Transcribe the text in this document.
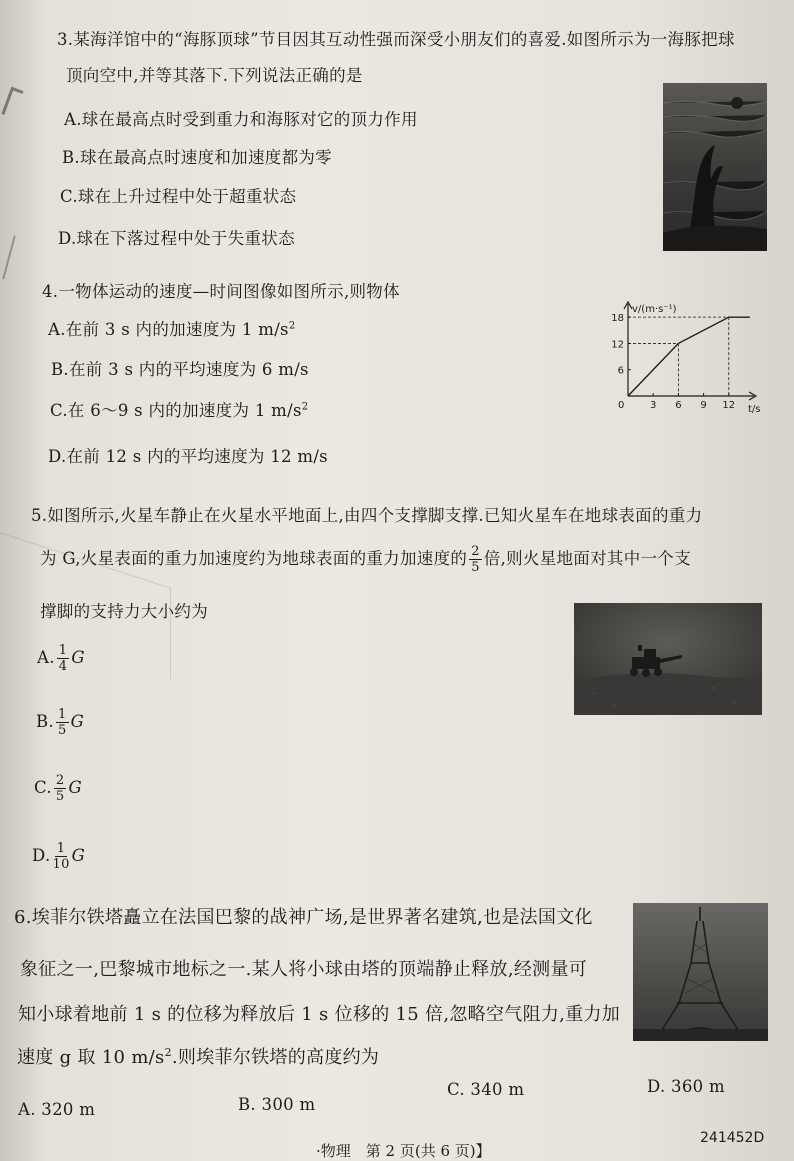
3.某海洋馆中的“海豚顶球”节目因其互动性强而深受小朋友们的喜爱.如图所示为一海豚把球
顶向空中,并等其落下.下列说法正确的是
A.球在最高点时受到重力和海豚对它的顶力作用
B.球在最高点时速度和加速度都为零
C.球在上升过程中处于超重状态
D.球在下落过程中处于失重状态
4.一物体运动的速度—时间图像如图所示,则物体
A.在前 3 s 内的加速度为 1 $m/s^2$
B.在前 3 s 内的平均速度为 6 m/s
C.在 6～9 s 内的加速度为 1 $m/s^2$
D.在前 12 s 内的平均速度为 12 m/s
v/(m·s⁻¹)
t/s
0	3 6 9 12
6
12
18
5.如图所示,火星车静止在火星水平地面上,由四个支撑脚支撑.已知火星车在地球表面的重力
为 G,火星表面的重力加速度约为地球表面的重力加速度的 $\frac{2}{5}$ 倍,则火星地面对其中一个支
撑脚的支持力大小约为
A. $\frac{1}{4}$ G
B. $\frac{1}{5}$ G
C. $\frac{2}{5}$ G
D. $\frac{1}{10}$ G
6.埃菲尔铁塔矗立在法国巴黎的战神广场,是世界著名建筑,也是法国文化
象征之一,巴黎城市地标之一.某人将小球由塔的顶端静止释放,经测量可
知小球着地前 1 s 的位移为释放后 1 s 位移的 15 倍,忽略空气阻力,重力加
速度 g 取 10 $m/s^2$.则埃菲尔铁塔的高度约为
A. 320 m	B. 300 m
C. 340 m	D. 360 m
·物理　第 2 页(共 6 页)】
241452D
